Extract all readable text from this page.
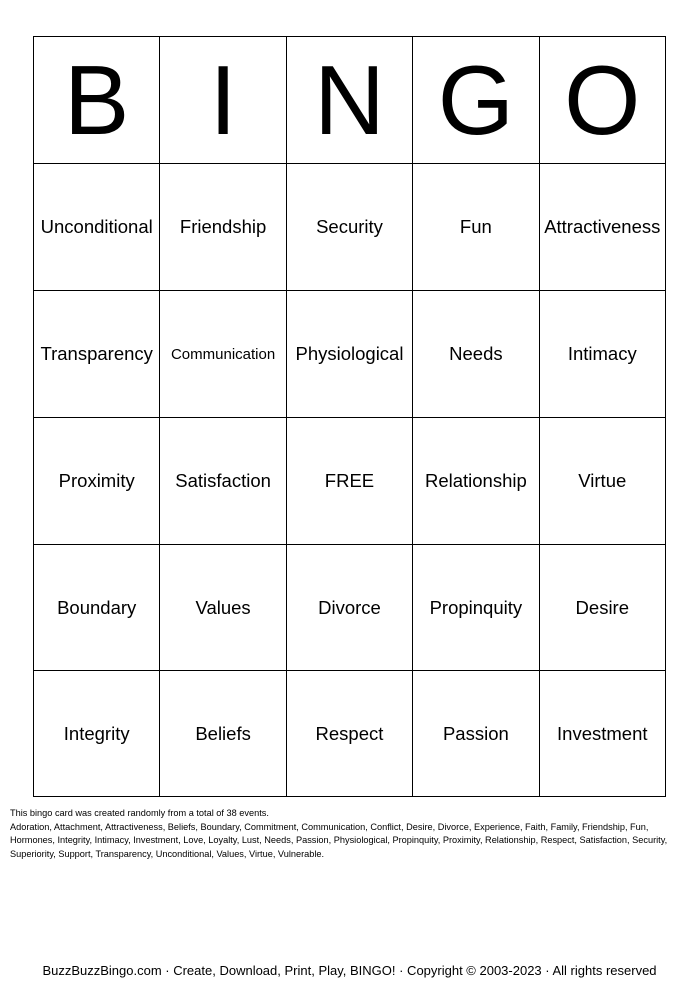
B	I	N	G	O
Unconditional	Friendship	Security	Fun	Attractiveness
Transparency	Communication	Physiological	Needs	Intimacy
Proximity	Satisfaction	FREE	Relationship	Virtue
Boundary	Values	Divorce	Propinquity	Desire
Integrity	Beliefs	Respect	Passion	Investment

This bingo card was created randomly from a total of 38 events.

Adoration, Attachment, Attractiveness, Beliefs, Boundary, Commitment, Communication, Conflict, Desire, Divorce, Experience, Faith, Family, Friendship, Fun, Hormones, Integrity, Intimacy, Investment, Love, Loyalty, Lust, Needs, Passion, Physiological, Propinquity, Proximity, Relationship, Respect, Satisfaction, Security, Superiority, Support, Transparency, Unconditional, Values, Virtue, Vulnerable.

BuzzBuzzBingo.com · Create, Download, Print, Play, BINGO! · Copyright © 2003-2023 · All rights reserved
